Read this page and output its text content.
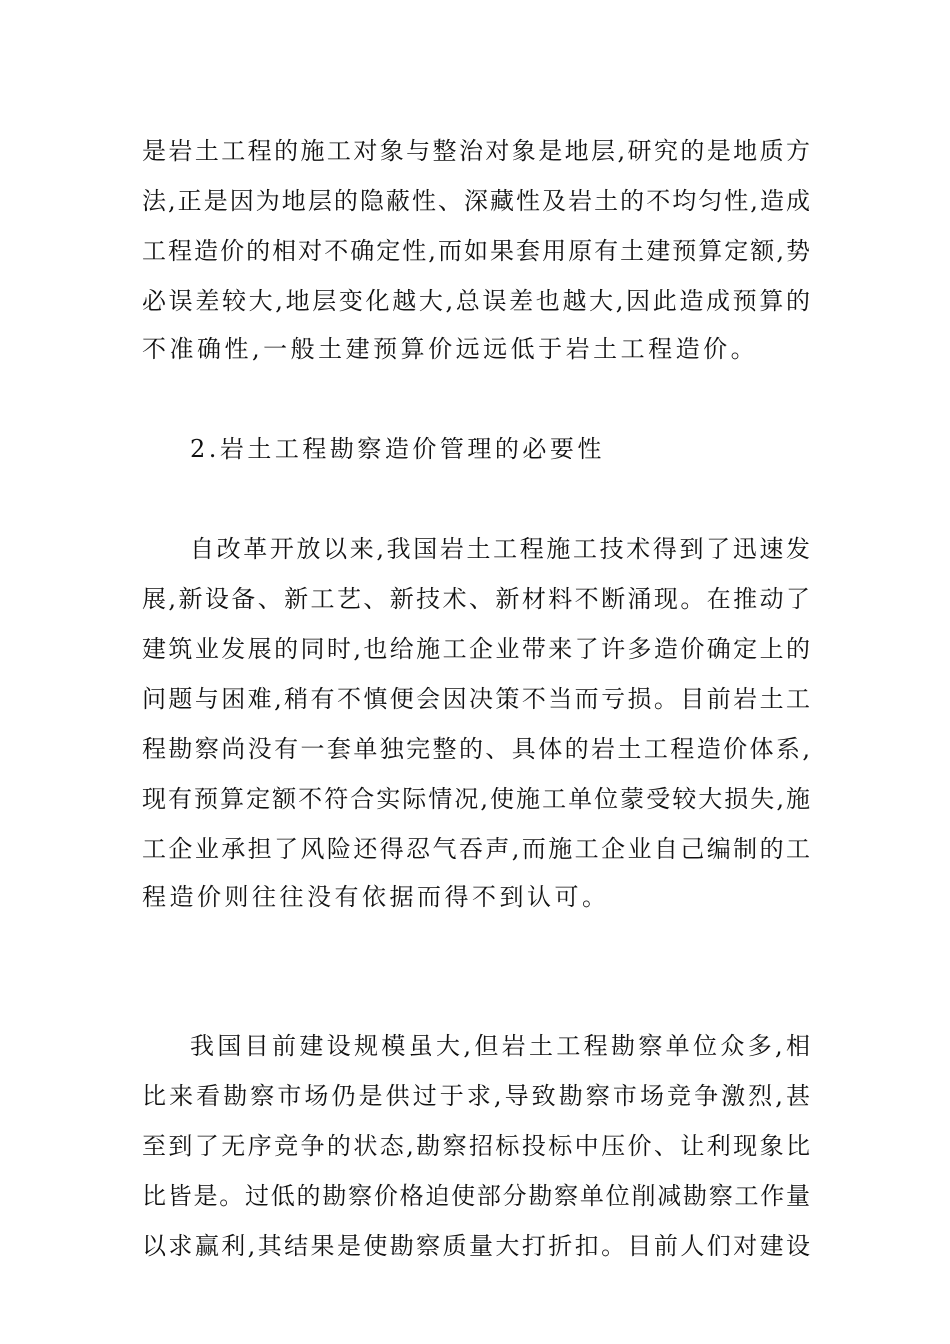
是岩土工程的施工对象与整治对象是地层,研究的是地质方
法,正是因为地层的隐蔽性、深藏性及岩土的不均匀性,造成
工程造价的相对不确定性,而如果套用原有土建预算定额,势
必误差较大,地层变化越大,总误差也越大,因此造成预算的
不准确性,一般土建预算价远远低于岩土工程造价。
2.岩土工程勘察造价管理的必要性
自改革开放以来,我国岩土工程施工技术得到了迅速发
展,新设备、新工艺、新技术、新材料不断涌现。在推动了
建筑业发展的同时,也给施工企业带来了许多造价确定上的
问题与困难,稍有不慎便会因决策不当而亏损。目前岩土工
程勘察尚没有一套单独完整的、具体的岩土工程造价体系,
现有预算定额不符合实际情况,使施工单位蒙受较大损失,施
工企业承担了风险还得忍气吞声,而施工企业自己编制的工
程造价则往往没有依据而得不到认可。
我国目前建设规模虽大,但岩土工程勘察单位众多,相
比来看勘察市场仍是供过于求,导致勘察市场竞争激烈,甚
至到了无序竞争的状态,勘察招标投标中压价、让利现象比
比皆是。过低的勘察价格迫使部分勘察单位削减勘察工作量
以求赢利,其结果是使勘察质量大打折扣。目前人们对建设
